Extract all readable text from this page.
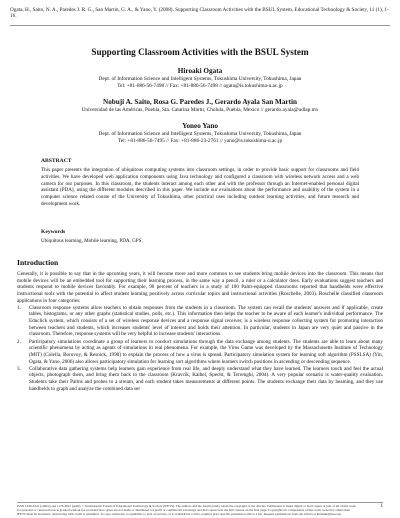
Ogata, H., Saito, N. A., Paredes J. R. G., San Martin, G. A., & Yano, Y. (2008). Supporting Classroom Activities with the BSUL System. Educational Technology & Society, 11 (1), 1-16.
Supporting Classroom Activities with the BSUL System
Hiroaki Ogata
Dept. of Information Science and Intelligent Systems, Tokushima University, Tokushima, Japan
Tel: +81-886-56-7498 // Fax: +81-886-56-7498 // ogata@is.tokushima-u.ac.jp
Nobuji A. Saito, Rosa G. Paredes J., Gerardo Ayala San Martin
Universidad de las Américas, Puebla, Sta. Catarina Mártir, Cholula, Puebla, Mexico // gerardo.ayala@udlap.mx
Yoneo Yano
Dept. of Information Science and Intelligent Systems, Tokushima University, Tokushima, Japan
Tel: +81-886-56-7495 // Fax: +81-886-23-2761 // yano@is.tokushima-u.ac.jp
ABSTRACT
This paper presents the integration of ubiquitous computing systems into classroom settings, in order to provide basic support for classrooms and field activities. We have developed web application components using Java technology and configured a classroom with wireless network access and a web camera for our purposes. In this classroom, the students interact among each other and with the professor through an Internet-enabled personal digital assistant (PDA), using the different modules described in this paper. We include our evaluations about the performance and usability of the system in a computer science related course of the University of Tokushima, other practical uses including outdoor learning activities, and future research and development work.
Keywords
Ubiquitous learning, Mobile learning, PDA, GPS
Introduction

Generally, it is possible to say that in the upcoming years, it will become more and more common to see students bring mobile devices into the classroom. This means that mobile devices will be an embedded tool for supporting their learning process, in the same way a pencil, a ruler or a calculator does. Early evaluations suggest teachers and students respond to mobile devices favorably. For example, 90 percent of teachers in a study of 100 Palm-equipped classrooms reported that handhelds were effective instructional tools with the potential to affect student learning positively across curricular topics and instructional activities (Roschelle, 2003). Roschelle classified classroom applications in four categories:

1. Classroom response systems allow teachers to obtain responses from the students in a classroom. The system can recall the students' answers and if applicable, create tables, histograms, or any other graphs (statistical studies, polls, etc.). This information then helps the teacher to be aware of each learner's individual performance. The Educlick system, which consists of a set of wireless response devices and a response signal receiver, is a wireless response collecting system for promoting interaction between teachers and students, which increases students' level of interest and holds their attention. In particular, students in Japan are very quiet and passive in the classroom. Therefore, response systems will be very helpful to increase students' interactions.
2. Participatory simulations coordinate a group of learners to conduct simulations through the data exchange among students. The students are able to learn about many scientific phenomena by acting as agents of simulations in real phenomena. For example, the Virus Game was developed by the Massachusetts Institute of Technology (MIT) (Colella, Borovoy, & Resnick, 1998) to explain the process of how a virus is spread. Participatory simulation system for learning soft algorithm (PSSLSA) (Yin, Ogata, & Yano, 2006) also allows participatory simulation for learning sort algorithms where learners switch positions in ascending or descending sequence.
3. Collaborative data gathering systems help learners gain experience from real life, and deeply understand what they have learned. The learners touch and feel the actual objects, photograph them, and bring them back to the classroom (Kravcik, Kaibel, Specht, & Terrenghi, 2004). A very popular scenario is water-quality evaluation. Students take their Palms and probes to a stream, and each student takes measurements at different points. The students exchange their data by beaming, and they use handhelds to graph and analyze the combined data set
ISSN 1436-4522 (online) and 1176-3647 (print). © International Forum of Educational Technology & Society (IFETS). The authors and the forum jointly retain the copyright of the articles. Permission to make digital or hard copies of part or all of this work for personal or classroom use is granted without fee provided that copies are not made or distributed for profit or commercial advantage and that copies bear the full citation on the first page. Copyrights for components of this work owned by others than IFETS must be honoured. Abstracting with credit is permitted. To copy otherwise, to republish, to post on servers, or to redistribute to lists, requires prior specific permission and/or a fee. Request permissions from the editors at kinshuk@ieee.org.
1
